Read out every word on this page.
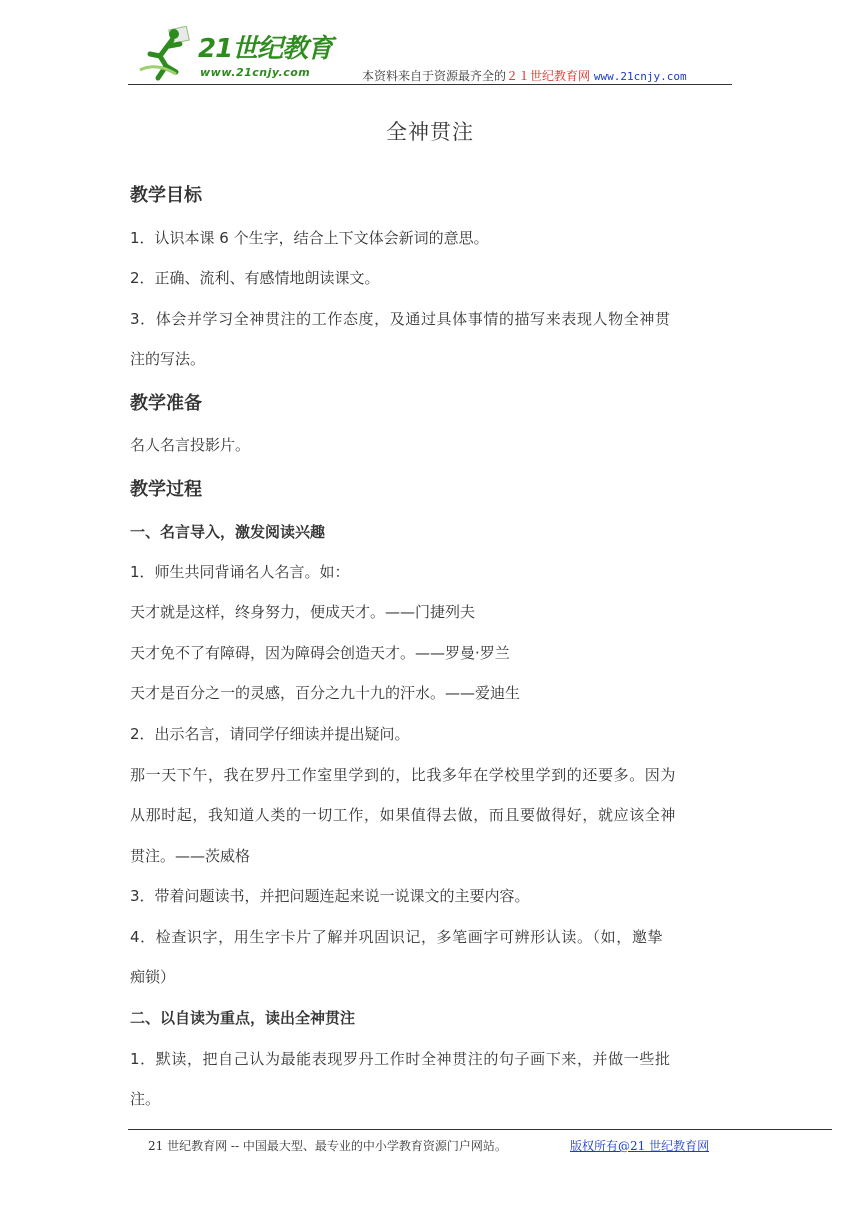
21世纪教育
www.21cnjy.com	本资料来自于资源最齐全的２１世纪教育网 www.21cnjy.com
全神贯注
教学目标
1．认识本课 6 个生字，结合上下文体会新词的意思。
2．正确、流利、有感情地朗读课文。
3．体会并学习全神贯注的工作态度，及通过具体事情的描写来表现人物全神贯
注的写法。
教学准备
名人名言投影片。
教学过程
一、名言导入，激发阅读兴趣
1．师生共同背诵名人名言。如：
天才就是这样，终身努力，便成天才。——门捷列夫
天才免不了有障碍，因为障碍会创造天才。——罗曼·罗兰
天才是百分之一的灵感，百分之九十九的汗水。——爱迪生
2．出示名言，请同学仔细读并提出疑问。
那一天下午，我在罗丹工作室里学到的，比我多年在学校里学到的还要多。因为
从那时起，我知道人类的一切工作，如果值得去做，而且要做得好，就应该全神
贯注。——茨威格
3．带着问题读书，并把问题连起来说一说课文的主要内容。
4．检查识字，用生字卡片了解并巩固识记，多笔画字可辨形认读。（如，邀挚
痴锁）
二、以自读为重点，读出全神贯注
1．默读，把自己认为最能表现罗丹工作时全神贯注的句子画下来，并做一些批
注。
21 世纪教育网 -- 中国最大型、最专业的中小学教育资源门户网站。	版权所有@21 世纪教育网
